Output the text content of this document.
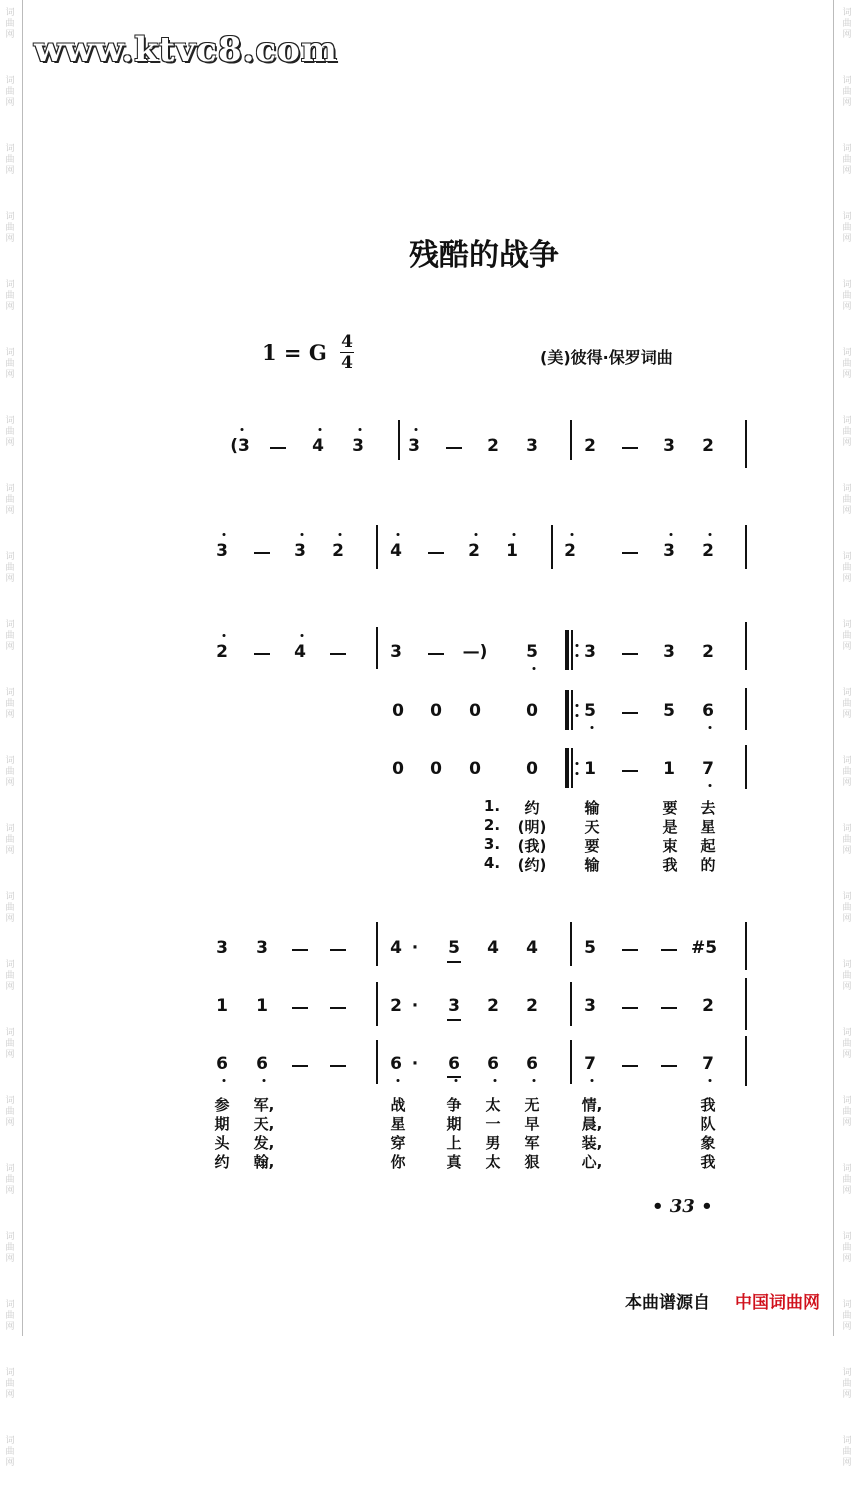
词
曲
网
词
曲
网
词
曲
网
词
曲
网
词
曲
网
词
曲
网
词
曲
网
词
曲
网
词
曲
网
词
曲
网
词
曲
网
词
曲
网
词
曲
网
词
曲
网
词
曲
网
词
曲
网
词
曲
网
词
曲
网
词
曲
网
词
曲
网
词
曲
网
词
曲
网
词
曲
网
词
曲
网
词
曲
网
词
曲
网
词
曲
网
词
曲
网
词
曲
网
词
曲
网
词
曲
网
词
曲
网
词
曲
网
词
曲
网
词
曲
网
词
曲
网
词
曲
网
词
曲
网
词
曲
网
词
曲
网
词
曲
网
词
曲
网
词
曲
网
词
曲
网
www.ktvc8.com
残酷的战争
1 = G 4
4	(美)彼得·保罗词曲
(3	4 3	3	2 3	2	3 2
3	3 2	4	2 1	2	3 2
2	4	3	—) 5	3	3 2
0 0 0	0	5	5 6
0 0 0	0	1	1 7
3 3	4 · 5 4 4	5	#5
1 1	2 · 3 2 2	3	2
6 6	6 · 6 6 6	7	7
1. 约	输	要 去
2. (明)	天	是 星
3. (我)	要	束 起
4. (约)	输	我 的
参 军,	战	争 太 无	情,	我
期 天,	星	期 一 早	晨,	队
头 发,	穿	上 男 军	装,	象
约 翰,	你	真 太 狠	心,	我
• 33 •
本曲谱源自 中国词曲网
